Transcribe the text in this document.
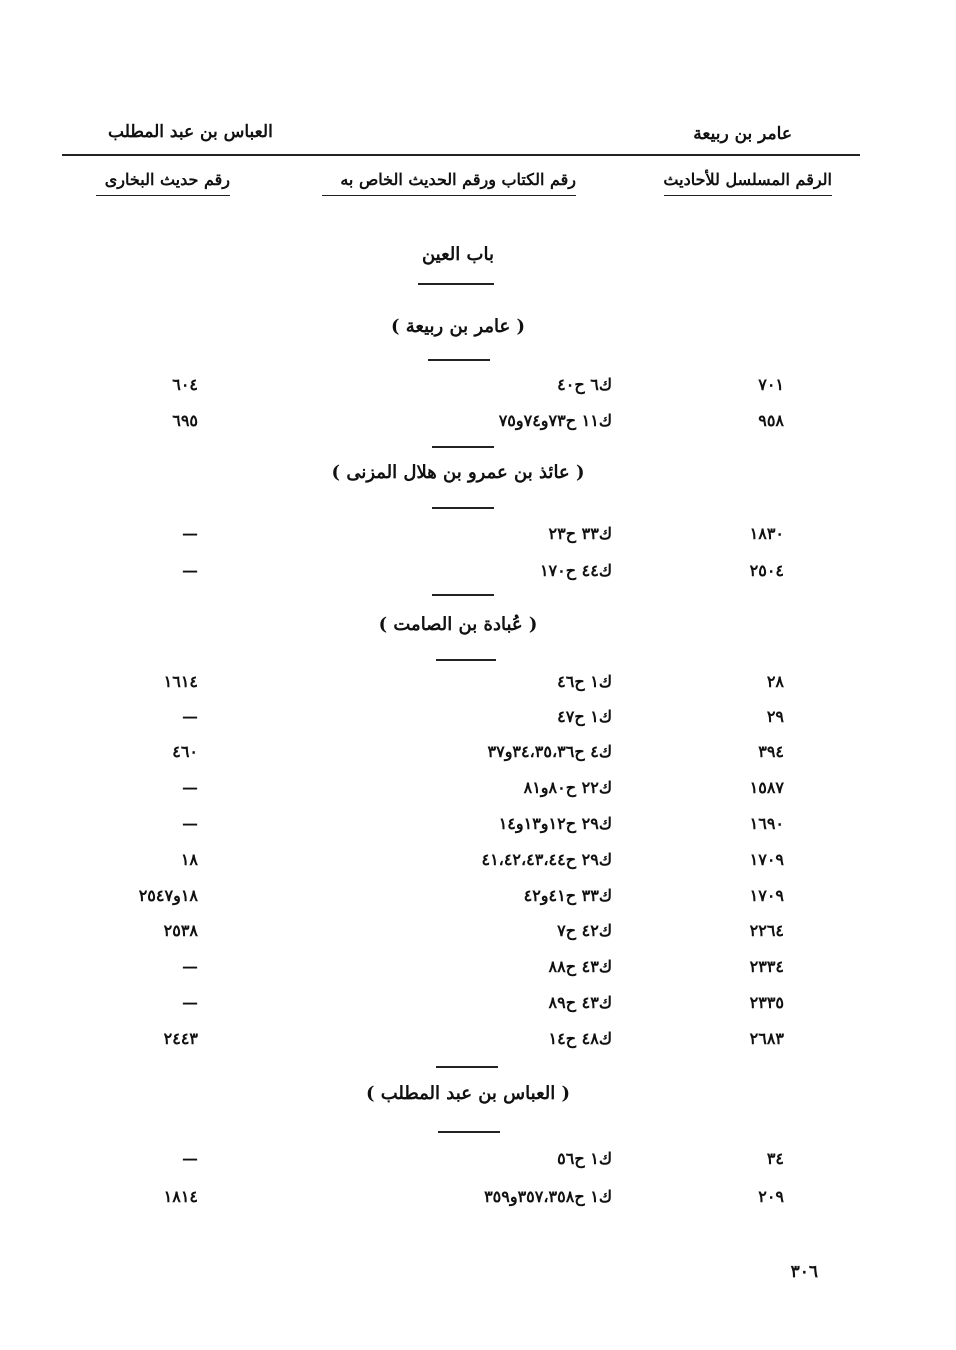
العباس بن عبد المطلب	عامر بن ربيعة
الرقم المسلسل للأحاديث
رقم الكتاب ورقم الحديث الخاص به
رقم حديث البخارى
باب العين
( عامر بن ربيعة )
٧٠١
ك٦ ح٤٠
٦٠٤
٩٥٨
ك١١ ح٧٣و٧٤و٧٥
٦٩٥
( عائذ بن عمرو بن هلال المزنى )
١٨٣٠
ك٣٣ ح٢٣
—
٢٥٠٤
ك٤٤ ح١٧٠
—
( عُبادة بن الصامت )
٢٨
ك١ ح٤٦
١٦١٤
٢٩
ك١ ح٤٧
—
٣٩٤
ك٤ ح٣٤،٣٥،٣٦و٣٧
٤٦٠
١٥٨٧
ك٢٢ ح٨٠و٨١
—
١٦٩٠
ك٢٩ ح١٢و١٣و١٤
—
١٧٠٩
ك٢٩ ح٤١،٤٢،٤٣،٤٤
١٨
١٧٠٩
ك٣٣ ح٤١و٤٢
١٨و٢٥٤٧
٢٢٦٤
ك٤٢ ح٧
٢٥٣٨
٢٣٣٤
ك٤٣ ح٨٨
—
٢٣٣٥
ك٤٣ ح٨٩
—
٢٦٨٣
ك٤٨ ح١٤
٢٤٤٣
( العباس بن عبد المطلب )
٣٤
ك١ ح٥٦
—
٢٠٩
ك١ ح٣٥٧،٣٥٨و٣٥٩
١٨١٤
٣٠٦
